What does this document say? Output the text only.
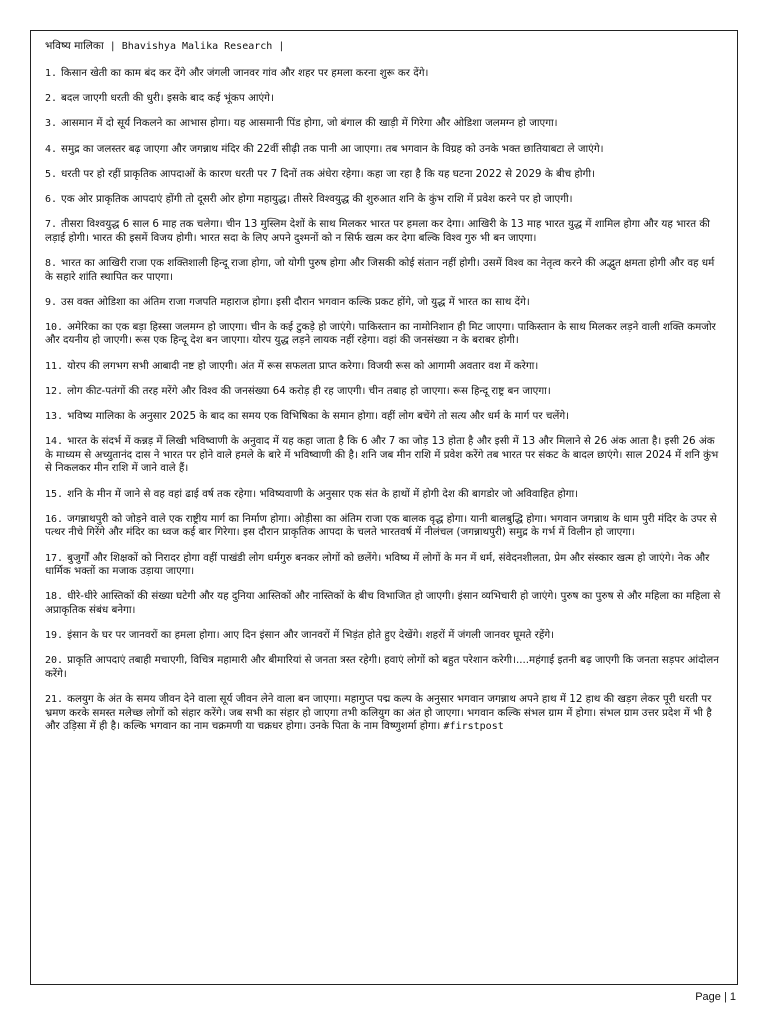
भविष्य मालिका | Bhavishya Malika Research |
1. किसान खेती का काम बंद कर देंगे और जंगली जानवर गांव और शहर पर हमला करना शुरू कर देंगे।
2. बदल जाएगी धरती की धुरी। इसके बाद कई भूंकप आएंगे।
3. आसमान में दो सूर्य निकलने का आभास होगा। यह आसमानी पिंड होगा, जो बंगाल की खाड़ी में गिरेगा और ओडिशा जलमग्न हो जाएगा।
4. समुद्र का जलस्तर बढ़ जाएगा और जगन्नाथ मंदिर की 22वीं सीढ़ी तक पानी आ जाएगा। तब भगवान के विग्रह को उनके भक्त छातियाबटा ले जाएंगे।
5. धरती पर हो रहीं प्राकृतिक आपदाओं के कारण धरती पर 7 दिनों तक अंधेरा रहेगा। कहा जा रहा है कि यह घटना 2022 से 2029 के बीच होगी।
6. एक ओर प्राकृतिक आपदाएं होंगी तो दूसरी ओर होगा महायुद्ध। तीसरे विश्वयुद्ध की शुरुआत शनि के कुंभ राशि में प्रवेश करने पर हो जाएगी।
7. तीसरा विश्वयुद्ध 6 साल 6 माह तक चलेगा। चीन 13 मुस्लिम देशों के साथ मिलकर भारत पर हमला कर देगा। आखिरी के 13 माह भारत युद्ध में शामिल होगा और यह भारत की लड़ाई होगी। भारत की इसमें विजय होगी। भारत सदा के लिए अपने दुश्मनों को न सिर्फ खत्म कर देगा बल्कि विश्व गुरु भी बन जाएगा।
8. भारत का आखिरी राजा एक शक्तिशाली हिन्दू राजा होगा, जो योगी पुरुष होगा और जिसकी कोई संतान नहीं होगी। उसमें विश्व का नेतृत्व करने की अद्भुत क्षमता होगी और वह धर्म के सहारे शांति स्थापित कर पाएगा।
9. उस वक्त ओडिशा का अंतिम राजा गजपति महाराज होगा। इसी दौरान भगवान कल्कि प्रकट होंगे, जो युद्ध में भारत का साथ देंगे।
10. अमेरिका का एक बड़ा हिस्सा जलमग्न हो जाएगा। चीन के कई टुकड़े हो जाएंगे। पाकिस्तान का नामोनिशान ही मिट जाएगा। पाकिस्तान के साथ मिलकर लड़ने वाली शक्ति कमजोर और दयनीय हो जाएगी। रूस एक हिन्दू देश बन जाएगा। योरप युद्ध लड़ने लायक नहीं रहेगा। वहां की जनसंख्या न के बराबर होगी।
11. योरप की लगभग सभी आबादी नष्ट हो जाएगी। अंत में रूस सफलता प्राप्त करेगा। विजयी रूस को आगामी अवतार वश में करेगा।
12. लोग कीट-पतंगों की तरह मरेंगे और विश्व की जनसंख्या 64 करोड़ ही रह जाएगी। चीन तबाह हो जाएगा। रूस हिन्दू राष्ट्र बन जाएगा।
13. भविष्य मालिका के अनुसार 2025 के बाद का समय एक विभिषिका के समान होगा। वहीं लोग बचेंगे तो सत्य और धर्म के मार्ग पर चलेंगे।
14. भारत के संदर्भ में कन्नड़ में लिखी भविष्वाणी के अनुवाद में यह कहा जाता है कि 6 और 7 का जोड़ 13 होता है और इसी में 13 और मिलाने से 26 अंक आता है। इसी 26 अंक के माध्यम से अच्युतानंद दास ने भारत पर होने वाले हमले के बारे में भविष्वाणी की है। शनि जब मीन राशि में प्रवेश करेंगे तब भारत पर संकट के बादल छाएंगे। साल 2024 में शनि कुंभ से निकलकर मीन राशि में जाने वाले हैं।
15. शनि के मीन में जाने से वह वहां ढाई वर्ष तक रहेगा। भविष्यवाणी के अनुसार एक संत के हाथों में होगी देश की बागडोर जो अविवाहित होगा।
16. जगन्नाथपुरी को जोड़ने वाले एक राष्ट्रीय मार्ग का निर्माण होगा। ओड़ीसा का अंतिम राजा एक बालक वृद्ध होगा। यानी बालबुद्धि होगा। भगवान जगन्नाथ के धाम पुरी मंदिर के उपर से पत्थर नीचे गिरेंगे और मंदिर का ध्वज कई बार गिरेगा। इस दौरान प्राकृतिक आपदा के चलते भारतवर्ष में नीलंचल (जगन्नाथपुरी) समुद्र के गर्भ में विलीन हो जाएगा।
17. बुजुर्गों और शिक्षकों को निरादर होगा वहीं पाखंडी लोग धर्मगुरु बनकर लोगों को छलेंगे। भविष्य में लोगों के मन में धर्म, संवेदनशीलता, प्रेम और संस्कार खत्म हो जाएंगे। नेक और धार्मिक भक्तों का मजाक उड़ाया जाएगा।
18. धीरे-धीरे आस्तिकों की संख्या घटेगी और यह दुनिया आस्तिकों और नास्तिकों के बीच विभाजित हो जाएगी। इंसान व्यभिचारी हो जाएंगे। पुरुष का पुरुष से और महिला का महिला से अप्राकृतिक संबंध बनेगा।
19. इंसान के घर पर जानवरों का हमला होगा। आए दिन इंसान और जानवरों में भिड़ंत होते हुए देखेंगे। शहरों में जंगली जानवर घूमते रहेंगे।
20. प्राकृति आपदाएं तबाही मचाएगी, विचित्र महामारी और बीमारियां से जनता त्रस्त रहेगी। हवाएं लोगों को बहुत परेशान करेगी।....महंगाई इतनी बढ़ जाएगी कि जनता सड़पर आंदोलन करेंगे।
21. कलयुग के अंत के समय जीवन देने वाला सूर्य जीवन लेने वाला बन जाएगा। महागुप्त पद्म कल्प के अनुसार भगवान जगन्नाथ अपने हाथ में 12 हाथ की खड़ग लेकर पूरी धरती पर भ्रमण करके समस्त मलेच्छ लोगों को संहार करेंगे। जब सभी का संहार हो जाएगा तभी कलियुग का अंत हो जाएगा। भगवान कल्कि संभल ग्राम में होगा। संभल ग्राम उत्तर प्रदेश में भी है और उड़िसा में ही है। कल्कि भगवान का नाम चक्रमणी या चक्रधर होगा। उनके पिता के नाम विष्णुशर्मा होगा। #firstpost
Page | 1
